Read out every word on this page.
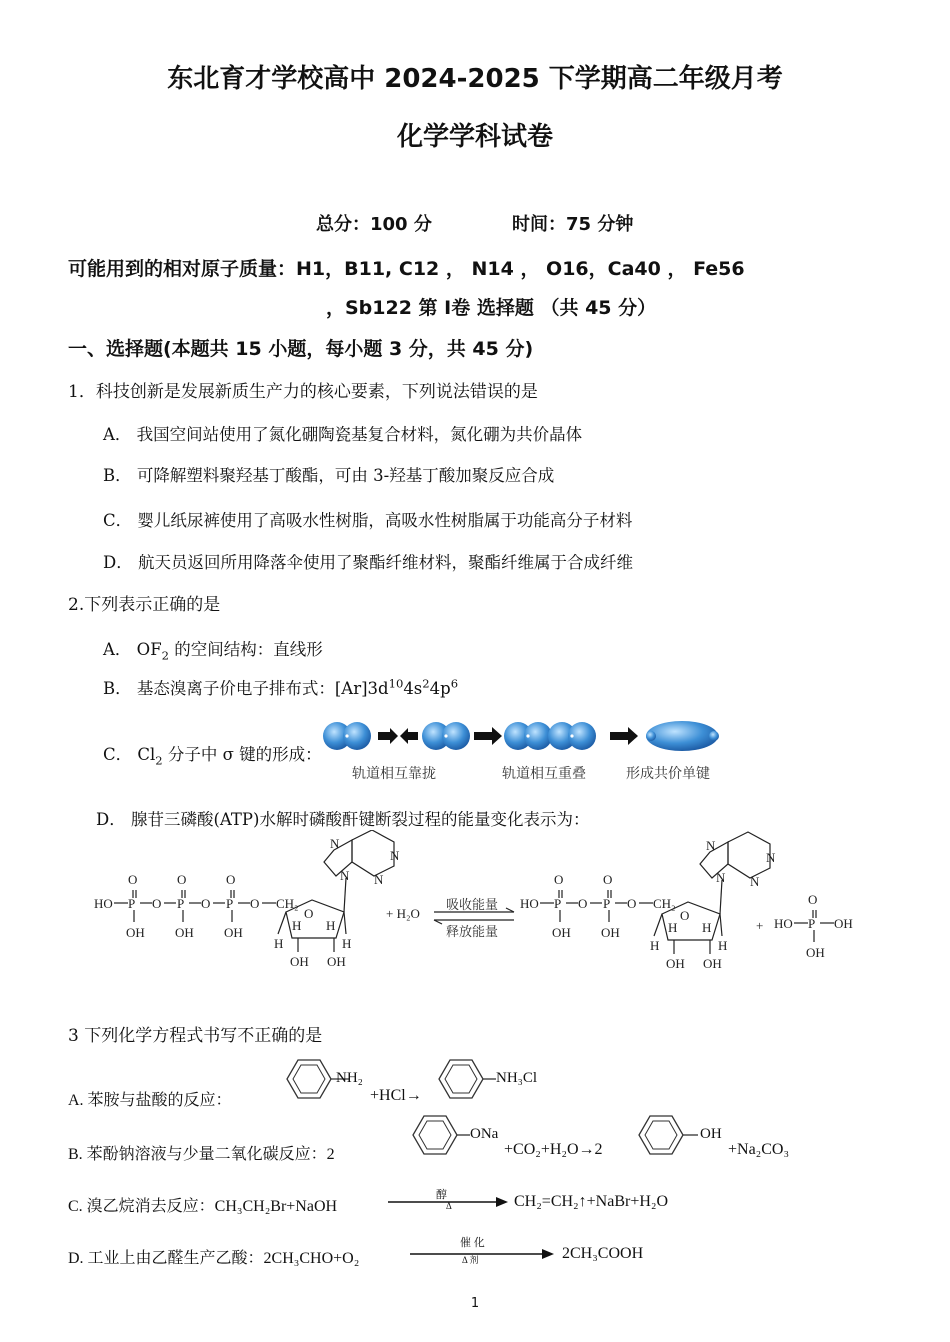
东北育才学校高中 2024-2025 下学期高二年级月考
化学学科试卷
总分：100 分	时间：75 分钟
可能用到的相对原子质量：H1，B11, C12 ， N14 ， O16，Ca40 ， Fe56
，Sb122 第 Ⅰ卷 选择题 （共 45 分）
一、选择题(本题共 15 小题，每小题 3 分，共 45 分)
1．科技创新是发展新质生产力的核心要素，下列说法错误的是
A． 我国空间站使用了氮化硼陶瓷基复合材料，氮化硼为共价晶体
B． 可降解塑料聚羟基丁酸酯，可由 3-羟基丁酸加聚反应合成
C． 婴儿纸尿裤使用了高吸水性树脂，高吸水性树脂属于功能高分子材料
D． 航天员返回所用降落伞使用了聚酯纤维材料，聚酯纤维属于合成纤维
2.下列表示正确的是
A． $OF_2$ 的空间结构：直线形
B． 基态溴离子价电子排布式：$[Ar]3d^{10}4s^24p^6$
C． $Cl_2$ 分子中 σ 键的形成：
轨道相互靠拢	轨道相互重叠	形成共价单键
D． 腺苷三磷酸(ATP)水解时磷酸酐键断裂过程的能量变化表示为：
HO P
O
OH
O P
O
OH
O P
O
OH
O CH₂
O
H
H H
H
OH OH
N
N
N
N
+ H₂O
HO P
O
OH
O P
O
OH
O CH₂
O
H
H H
H
OH OH
N
N
N
N
+ HO P
O
OH
OH
吸收能量
释放能量
3 下列化学方程式书写不正确的是
A. 苯胺与盐酸的反应：
NH₂
+HCl→
NH₃Cl
B. 苯酚钠溶液与少量二氧化碳反应：2
ONa
+CO₂+H₂O→2
OH
+Na₂CO₃
C. 溴乙烷消去反应：CH₃CH₂Br+NaOH
醇
Δ	CH₂=CH₂↑+NaBr+H₂O
D. 工业上由乙醛生产乙酸：2CH₃CHO+O₂
催 化
Δ 剂	2CH₃COOH
1
